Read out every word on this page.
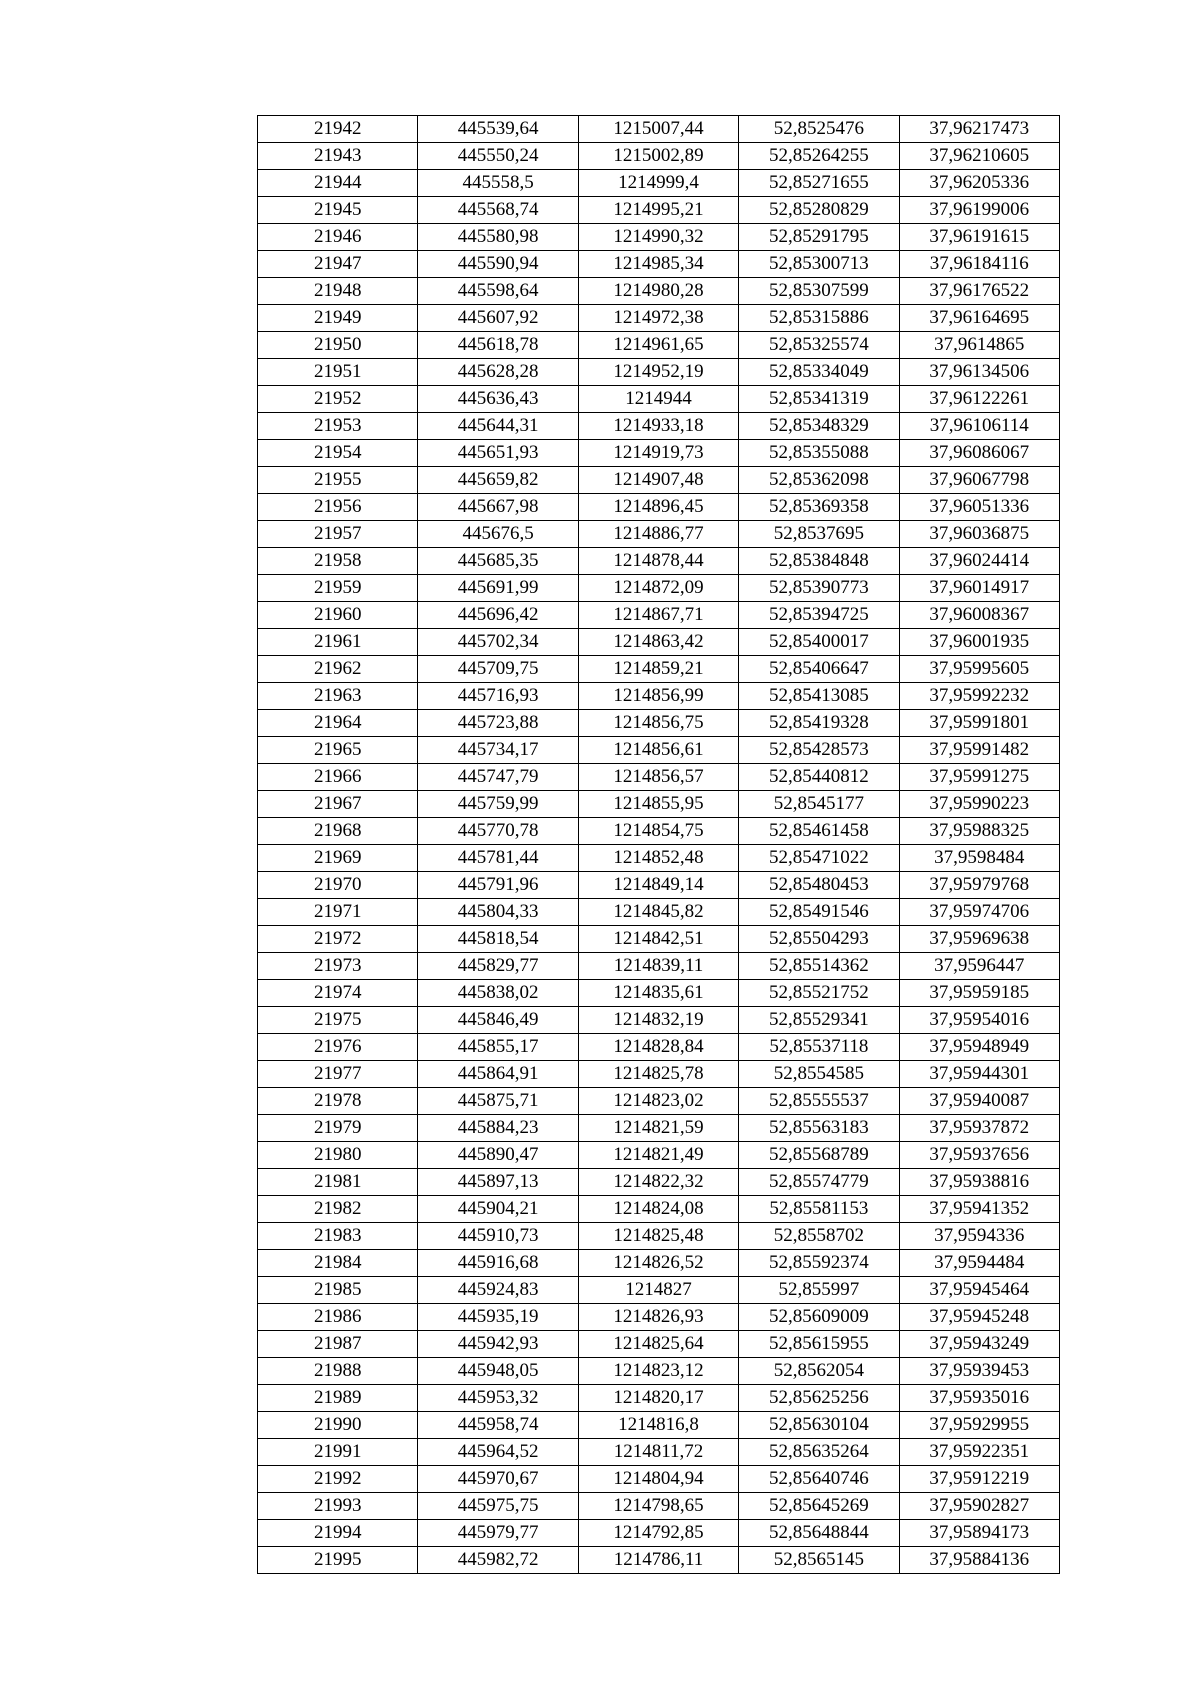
21942	445539,64	1215007,44	52,8525476	37,96217473
21943	445550,24	1215002,89	52,85264255	37,96210605
21944	445558,5	1214999,4	52,85271655	37,96205336
21945	445568,74	1214995,21	52,85280829	37,96199006
21946	445580,98	1214990,32	52,85291795	37,96191615
21947	445590,94	1214985,34	52,85300713	37,96184116
21948	445598,64	1214980,28	52,85307599	37,96176522
21949	445607,92	1214972,38	52,85315886	37,96164695
21950	445618,78	1214961,65	52,85325574	37,9614865
21951	445628,28	1214952,19	52,85334049	37,96134506
21952	445636,43	1214944	52,85341319	37,96122261
21953	445644,31	1214933,18	52,85348329	37,96106114
21954	445651,93	1214919,73	52,85355088	37,96086067
21955	445659,82	1214907,48	52,85362098	37,96067798
21956	445667,98	1214896,45	52,85369358	37,96051336
21957	445676,5	1214886,77	52,8537695	37,96036875
21958	445685,35	1214878,44	52,85384848	37,96024414
21959	445691,99	1214872,09	52,85390773	37,96014917
21960	445696,42	1214867,71	52,85394725	37,96008367
21961	445702,34	1214863,42	52,85400017	37,96001935
21962	445709,75	1214859,21	52,85406647	37,95995605
21963	445716,93	1214856,99	52,85413085	37,95992232
21964	445723,88	1214856,75	52,85419328	37,95991801
21965	445734,17	1214856,61	52,85428573	37,95991482
21966	445747,79	1214856,57	52,85440812	37,95991275
21967	445759,99	1214855,95	52,8545177	37,95990223
21968	445770,78	1214854,75	52,85461458	37,95988325
21969	445781,44	1214852,48	52,85471022	37,9598484
21970	445791,96	1214849,14	52,85480453	37,95979768
21971	445804,33	1214845,82	52,85491546	37,95974706
21972	445818,54	1214842,51	52,85504293	37,95969638
21973	445829,77	1214839,11	52,85514362	37,9596447
21974	445838,02	1214835,61	52,85521752	37,95959185
21975	445846,49	1214832,19	52,85529341	37,95954016
21976	445855,17	1214828,84	52,85537118	37,95948949
21977	445864,91	1214825,78	52,8554585	37,95944301
21978	445875,71	1214823,02	52,85555537	37,95940087
21979	445884,23	1214821,59	52,85563183	37,95937872
21980	445890,47	1214821,49	52,85568789	37,95937656
21981	445897,13	1214822,32	52,85574779	37,95938816
21982	445904,21	1214824,08	52,85581153	37,95941352
21983	445910,73	1214825,48	52,8558702	37,9594336
21984	445916,68	1214826,52	52,85592374	37,9594484
21985	445924,83	1214827	52,855997	37,95945464
21986	445935,19	1214826,93	52,85609009	37,95945248
21987	445942,93	1214825,64	52,85615955	37,95943249
21988	445948,05	1214823,12	52,8562054	37,95939453
21989	445953,32	1214820,17	52,85625256	37,95935016
21990	445958,74	1214816,8	52,85630104	37,95929955
21991	445964,52	1214811,72	52,85635264	37,95922351
21992	445970,67	1214804,94	52,85640746	37,95912219
21993	445975,75	1214798,65	52,85645269	37,95902827
21994	445979,77	1214792,85	52,85648844	37,95894173
21995	445982,72	1214786,11	52,8565145	37,95884136
